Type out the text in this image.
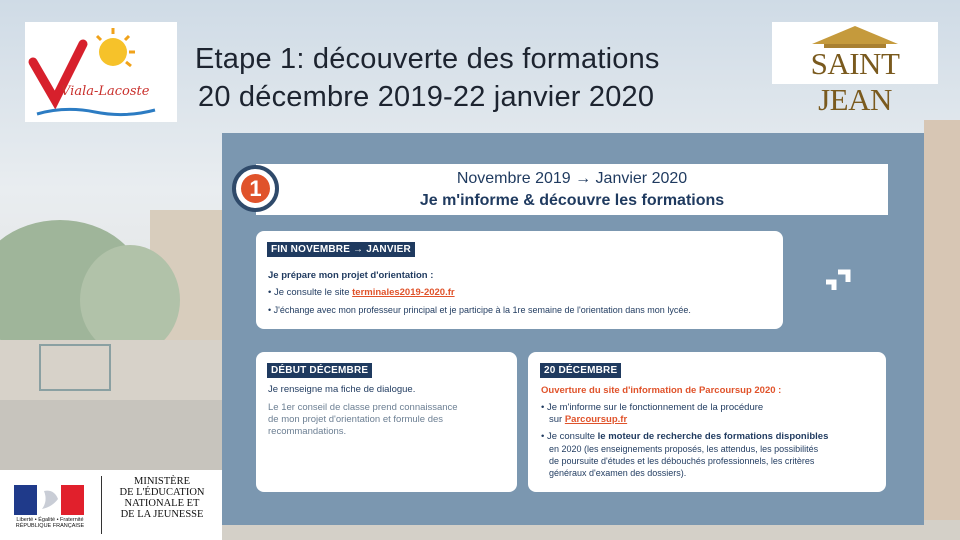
Viala-Lacoste
Etape 1: découverte des formations
20 décembre 2019-22 janvier 2020
SAINT JEAN
Novembre 2019 → Janvier 2020
Je m'informe & découvre les formations
1
FIN NOVEMBRE → JANVIER
Je prépare mon projet d'orientation :
• Je consulte le site terminales2019-2020.fr
• J'échange avec mon professeur principal et je participe à la 1re semaine de l'orientation dans mon lycée.
DÉBUT DÉCEMBRE
Je renseigne ma fiche de dialogue.
Le 1er conseil de classe prend connaissance
de mon projet d'orientation et formule des
recommandations.
20 DÉCEMBRE
Ouverture du site d'information de Parcoursup 2020 :
• Je m'informe sur le fonctionnement de la procédure
sur Parcoursup.fr
• Je consulte le moteur de recherche des formations disponibles
en 2020 (les enseignements proposés, les attendus, les possibilités
de poursuite d'études et les débouchés professionnels, les critères
généraux d'examen des dossiers).
Liberté • Égalité • Fraternité
RÉPUBLIQUE FRANÇAISE
MINISTÈRE
DE L'ÉDUCATION
NATIONALE ET
DE LA JEUNESSE
